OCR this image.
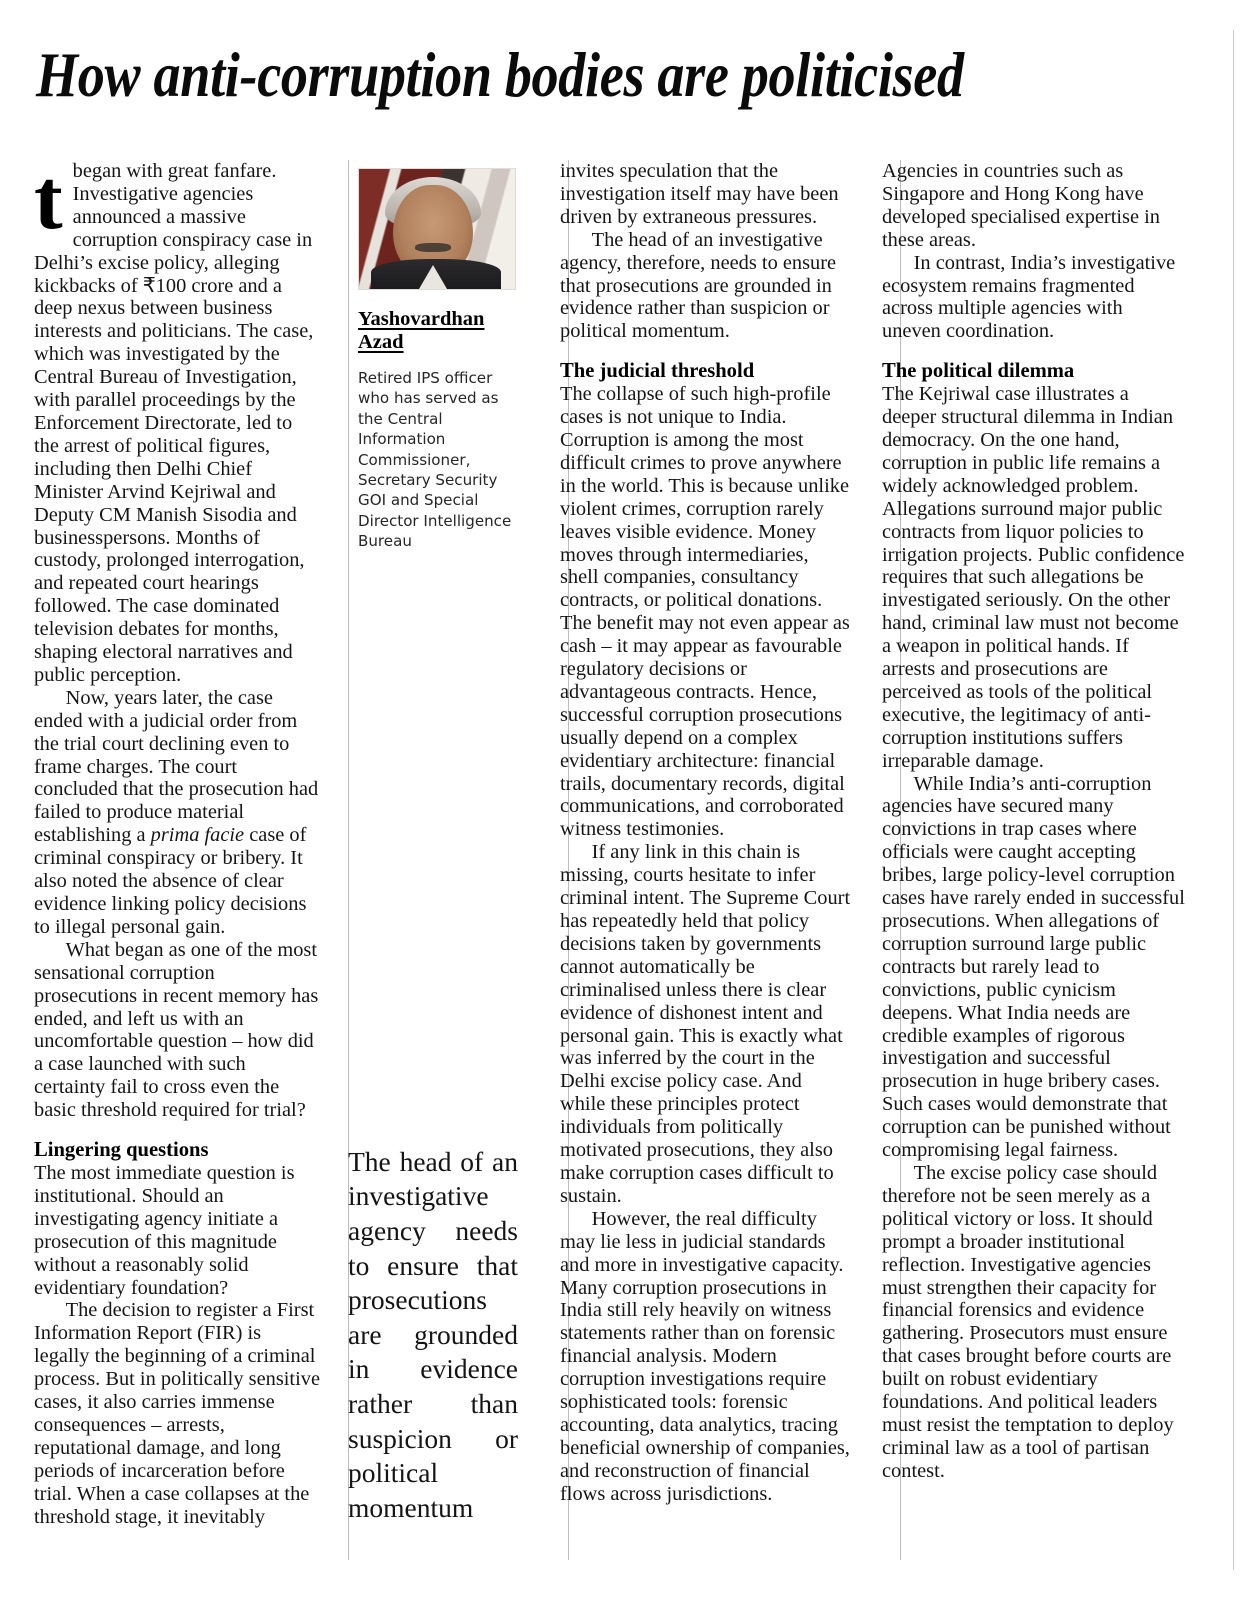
How anti-corruption bodies are politicised

tbegan with great fanfare. Investigative agencies announced a massive corruption conspiracy case in Delhi’s excise policy, alleging kickbacks of ₹100 crore and a deep nexus between business interests and politicians. The case, which was investigated by the Central Bureau of Investigation, with parallel proceedings by the Enforcement Directorate, led to the arrest of political figures, including then Delhi Chief Minister Arvind Kejriwal and Deputy CM Manish Sisodia and businesspersons. Months of custody, prolonged interrogation, and repeated court hearings followed. The case dominated television debates for months, shaping electoral narratives and public perception.

Now, years later, the case ended with a judicial order from the trial court declining even to frame charges. The court concluded that the prosecution had failed to produce material establishing a prima facie case of criminal conspiracy or bribery. It also noted the absence of clear evidence linking policy decisions to illegal personal gain.

What began as one of the most sensational corruption prosecutions in recent memory has ended, and left us with an uncomfortable question – how did a case launched with such certainty fail to cross even the basic threshold required for trial?

Lingering questions

The most immediate question is institutional. Should an investigating agency initiate a prosecution of this magnitude without a reasonably solid evidentiary foundation?

The decision to register a First Information Report (FIR) is legally the beginning of a criminal process. But in politically sensitive cases, it also carries immense consequences – arrests, reputational damage, and long periods of incarceration before trial. When a case collapses at the threshold stage, it inevitably

Yashovardhan Azad
Retired IPS officer who has served as the Central Information Commissioner, Secretary Security GOI and Special Director Intelligence Bureau

The head of an investigative agency needs to ensure that prosecutions are grounded in evidence rather than suspicion or political momentum

invites speculation that the investigation itself may have been driven by extraneous pressures.

The head of an investigative agency, therefore, needs to ensure that prosecutions are grounded in evidence rather than suspicion or political momentum.

The judicial threshold

The collapse of such high-profile cases is not unique to India. Corruption is among the most difficult crimes to prove anywhere in the world. This is because unlike violent crimes, corruption rarely leaves visible evidence. Money moves through intermediaries, shell companies, consultancy contracts, or political donations. The benefit may not even appear as cash – it may appear as favourable regulatory decisions or advantageous contracts. Hence, successful corruption prosecutions usually depend on a complex evidentiary architecture: financial trails, documentary records, digital communications, and corroborated witness testimonies.

If any link in this chain is missing, courts hesitate to infer criminal intent. The Supreme Court has repeatedly held that policy decisions taken by governments cannot automatically be criminalised unless there is clear evidence of dishonest intent and personal gain. This is exactly what was inferred by the court in the Delhi excise policy case. And while these principles protect individuals from politically motivated prosecutions, they also make corruption cases difficult to sustain.

However, the real difficulty may lie less in judicial standards and more in investigative capacity. Many corruption prosecutions in India still rely heavily on witness statements rather than on forensic financial analysis. Modern corruption investigations require sophisticated tools: forensic accounting, data analytics, tracing beneficial ownership of companies, and reconstruction of financial flows across jurisdictions.

Agencies in countries such as Singapore and Hong Kong have developed specialised expertise in these areas.

In contrast, India’s investigative ecosystem remains fragmented across multiple agencies with uneven coordination.

The political dilemma

The Kejriwal case illustrates a deeper structural dilemma in Indian democracy. On the one hand, corruption in public life remains a widely acknowledged problem. Allegations surround major public contracts from liquor policies to irrigation projects. Public confidence requires that such allegations be investigated seriously. On the other hand, criminal law must not become a weapon in political hands. If arrests and prosecutions are perceived as tools of the political executive, the legitimacy of anti-corruption institutions suffers irreparable damage.

While India’s anti-corruption agencies have secured many convictions in trap cases where officials were caught accepting bribes, large policy-level corruption cases have rarely ended in successful prosecutions. When allegations of corruption surround large public contracts but rarely lead to convictions, public cynicism deepens. What India needs are credible examples of rigorous investigation and successful prosecution in huge bribery cases. Such cases would demonstrate that corruption can be punished without compromising legal fairness.

The excise policy case should therefore not be seen merely as a political victory or loss. It should prompt a broader institutional reflection. Investigative agencies must strengthen their capacity for financial forensics and evidence gathering. Prosecutors must ensure that cases brought before courts are built on robust evidentiary foundations. And political leaders must resist the temptation to deploy criminal law as a tool of partisan contest.
